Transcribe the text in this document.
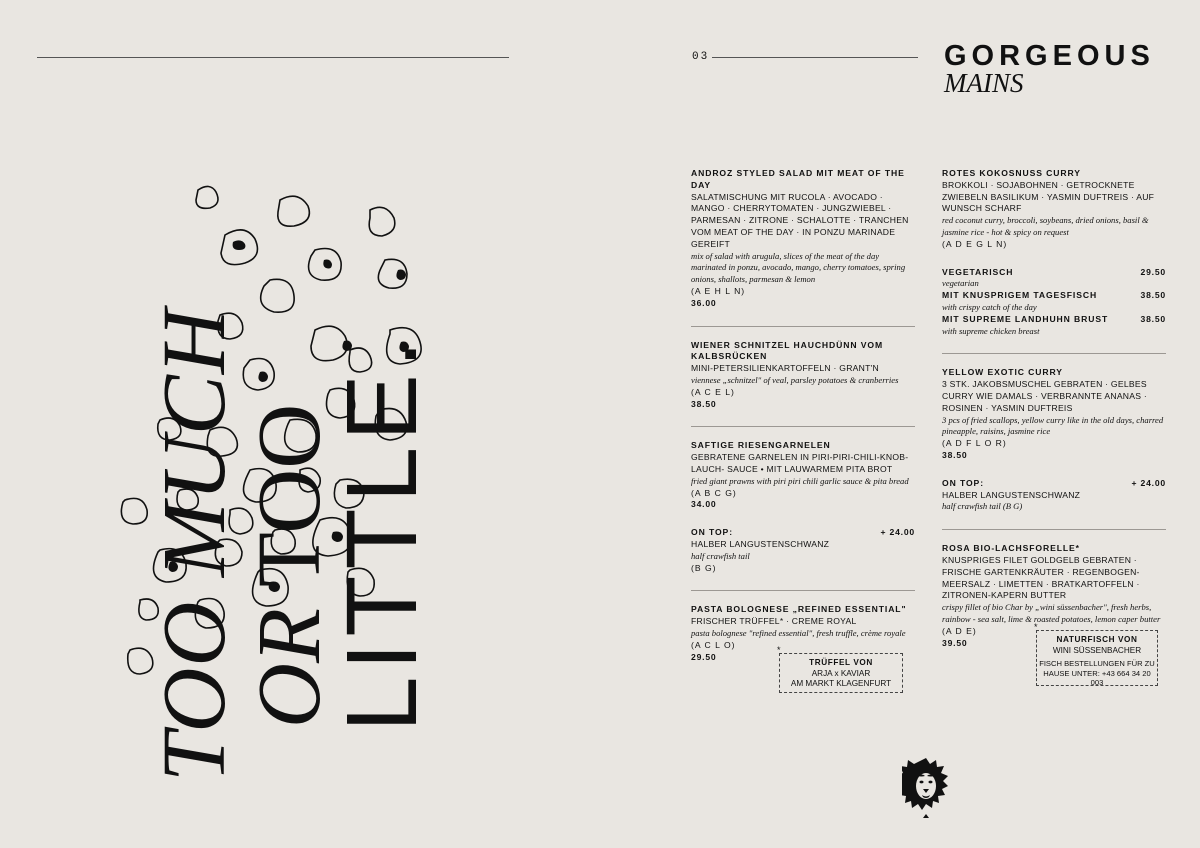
TOO MUCH
OR TOO
LITTLE.
03	GORGEOUS
MAINS
ANDROZ STYLED SALAD MIT MEAT OF THE DAY
SALATMISCHUNG MIT RUCOLA · AVOCADO · MANGO · CHERRYTOMATEN · JUNGZWIEBEL · PARMESAN · ZITRONE · SCHALOTTE · TRANCHEN VOM MEAT OF THE DAY · IN PONZU MARINADE GEREIFT
mix of salad with arugula, slices of the meat of the day marinated in ponzu, avocado, mango, cherry tomatoes, spring onions, shallots, parmesan & lemon
(A E H L N)
36.00
WIENER SCHNITZEL HAUCHDÜNN VOM KALBSRÜCKEN
MINI-PETERSILIENKARTOFFELN · GRANT'N
viennese „schnitzel" of veal, parsley potatoes & cranberries
(A C E L)
38.50
SAFTIGE RIESENGARNELEN
GEBRATENE GARNELEN IN PIRI-PIRI-CHILI-KNOB-LAUCH- SAUCE • MIT LAUWARMEM PITA BROT
fried giant prawns with piri piri chili garlic sauce & pita bread
(A B C G)
34.00
ON TOP:	+ 24.00
HALBER LANGUSTENSCHWANZ
half crawfish tail
(B G)
PASTA BOLOGNESE „REFINED ESSENTIAL"
FRISCHER TRÜFFEL* · CREME ROYAL
pasta bolognese "refined essential", fresh truffle, crème royale
(A C L O)
29.50
ROTES KOKOSNUSS CURRY
BROKKOLI · SOJABOHNEN · GETROCKNETE ZWIEBELN BASILIKUM · YASMIN DUFTREIS · AUF WUNSCH SCHARF
red coconut curry, broccoli, soybeans, dried onions, basil & jasmine rice - hot & spicy on request
(A D E G L N)
VEGETARISCH	29.50
vegetarian
MIT KNUSPRIGEM TAGESFISCH	38.50
with crispy catch of the day
MIT SUPREME LANDHUHN BRUST	38.50
with supreme chicken breast
YELLOW EXOTIC CURRY
3 STK. JAKOBSMUSCHEL GEBRATEN · GELBES CURRY WIE DAMALS · VERBRANNTE ANANAS · ROSINEN · YASMIN DUFTREIS
3 pcs of fried scallops, yellow curry like in the old days, charred pineapple, raisins, jasmine rice
(A D F L O R)
38.50
ON TOP:	+ 24.00
HALBER LANGUSTENSCHWANZ
half crawfish tail (B G)
ROSA BIO-LACHSFORELLE*
KNUSPRIGES FILET GOLDGELB GEBRATEN · FRISCHE GARTENKRÄUTER · REGENBOGEN-MEERSALZ · LIMETTEN · BRATKARTOFFELN · ZITRONEN-KAPERN BUTTER
crispy fillet of bio Char by „wini süssenbacher", fresh herbs, rainbow - sea salt, lime & roasted potatoes, lemon caper butter
(A D E)
39.50
*
TRÜFFEL VON
ARJA x KAVIAR
AM MARKT KLAGENFURT
*
NATURFISCH VON
WINI SÜSSENBACHER
FISCH BESTELLUNGEN FÜR ZU HAUSE UNTER: +43 664 34 20 003
